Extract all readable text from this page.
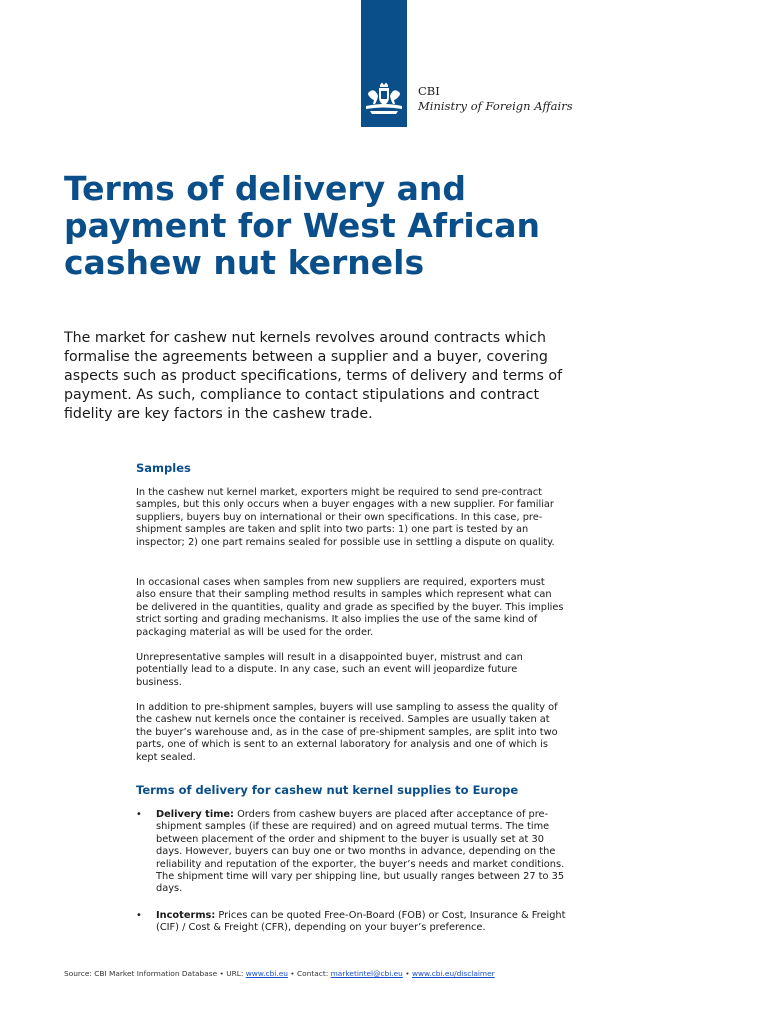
CBI
Ministry of Foreign Affairs
Terms of delivery and payment for West African cashew nut kernels

The market for cashew nut kernels revolves around contracts which formalise the agreements between a supplier and a buyer, covering aspects such as product specifications, terms of delivery and terms of payment. As such, compliance to contact stipulations and contract fidelity are key factors in the cashew trade.

Samples

In the cashew nut kernel market, exporters might be required to send pre-contract samples, but this only occurs when a buyer engages with a new supplier. For familiar suppliers, buyers buy on international or their own specifications. In this case, pre-shipment samples are taken and split into two parts: 1) one part is tested by an inspector; 2) one part remains sealed for possible use in settling a dispute on quality.

In occasional cases when samples from new suppliers are required, exporters must also ensure that their sampling method results in samples which represent what can be delivered in the quantities, quality and grade as specified by the buyer. This implies strict sorting and grading mechanisms. It also implies the use of the same kind of packaging material as will be used for the order.

Unrepresentative samples will result in a disappointed buyer, mistrust and can potentially lead to a dispute. In any case, such an event will jeopardize future business.

In addition to pre-shipment samples, buyers will use sampling to assess the quality of the cashew nut kernels once the container is received. Samples are usually taken at the buyer’s warehouse and, as in the case of pre-shipment samples, are split into two parts, one of which is sent to an external laboratory for analysis and one of which is kept sealed.

Terms of delivery for cashew nut kernel supplies to Europe
• Delivery time: Orders from cashew buyers are placed after acceptance of pre-shipment samples (if these are required) and on agreed mutual terms. The time between placement of the order and shipment to the buyer is usually set at 30 days. However, buyers can buy one or two months in advance, depending on the reliability and reputation of the exporter, the buyer’s needs and market conditions. The shipment time will vary per shipping line, but usually ranges between 27 to 35 days.
• Incoterms: Prices can be quoted Free-On-Board (FOB) or Cost, Insurance & Freight (CIF) / Cost & Freight (CFR), depending on your buyer’s preference.
Source: CBI Market Information Database • URL: www.cbi.eu • Contact: marketintel@cbi.eu • www.cbi.eu/disclaimer
